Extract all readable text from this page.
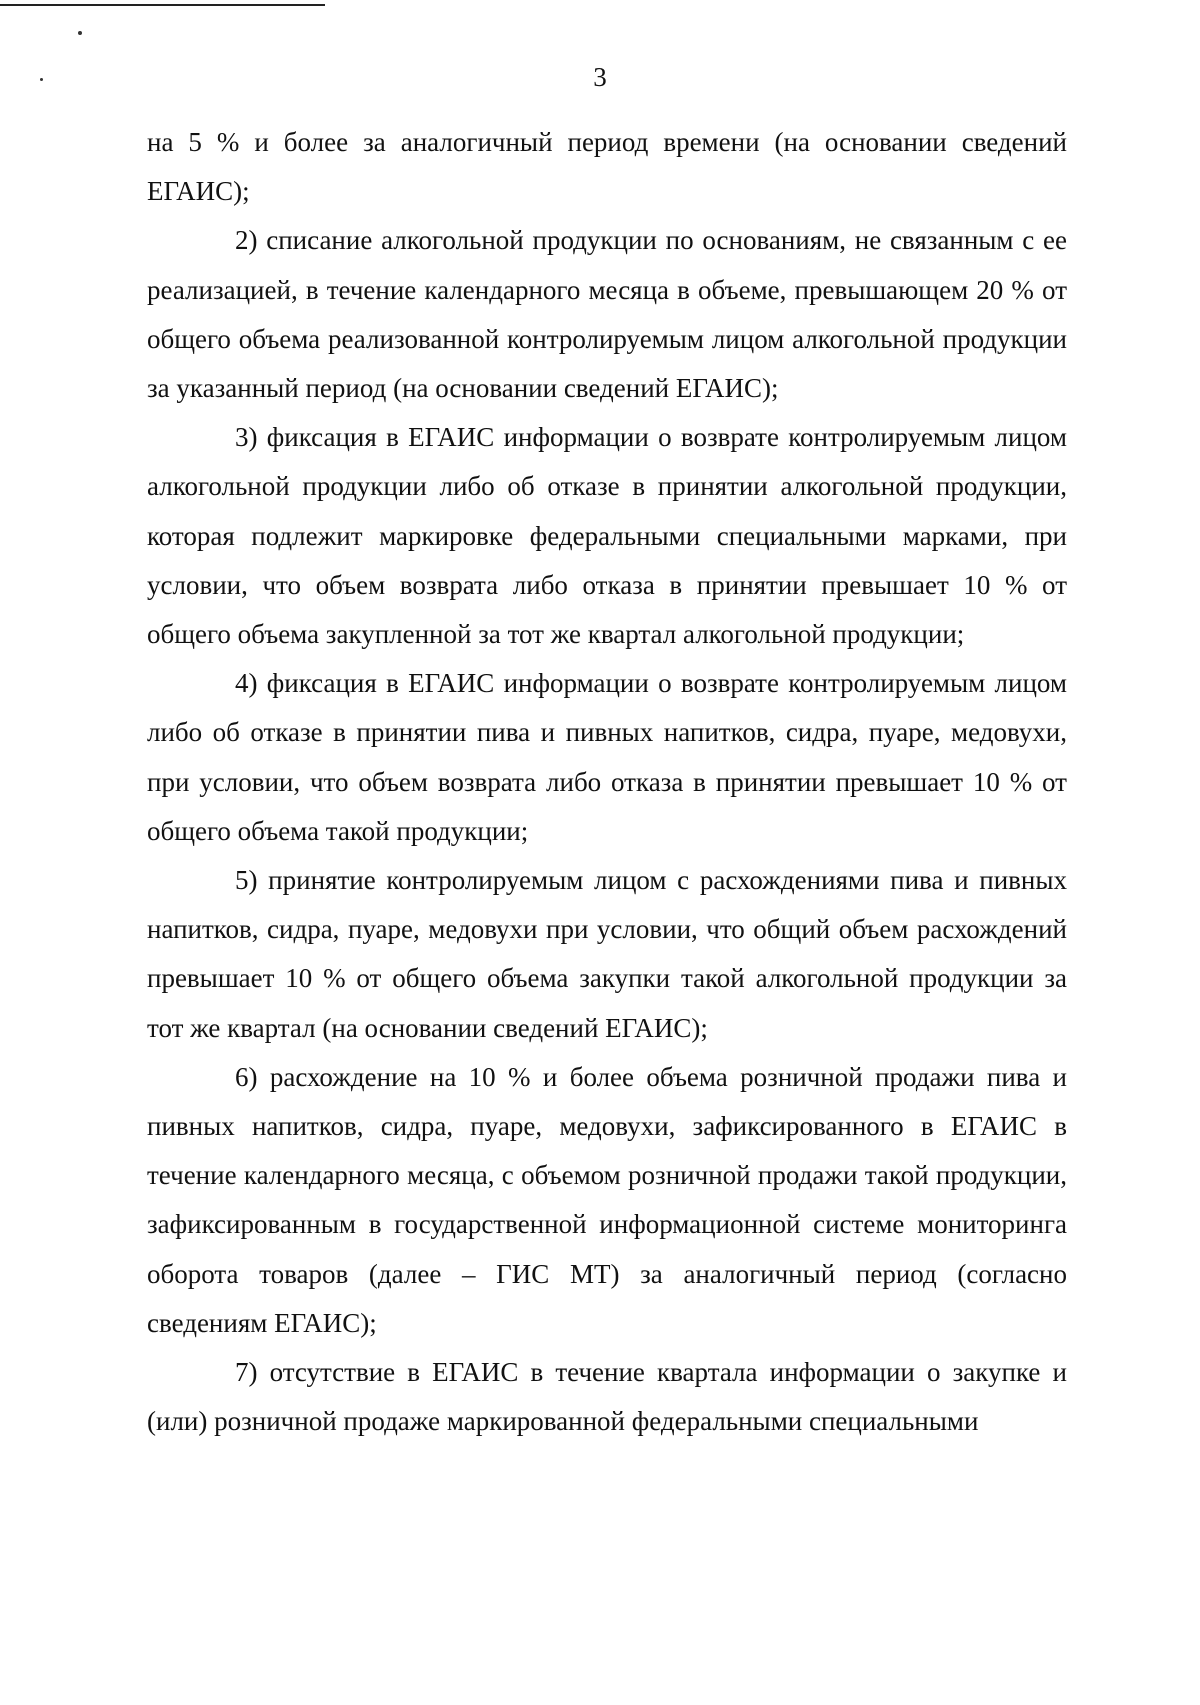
3

на 5 % и более за аналогичный период времени (на основании сведений ЕГАИС);

2) списание алкогольной продукции по основаниям, не связанным с ее реализацией, в течение календарного месяца в объеме, превышающем 20 % от общего объема реализованной контролируемым лицом алкогольной продукции за указанный период (на основании сведений ЕГАИС);

3) фиксация в ЕГАИС информации о возврате контролируемым лицом алкогольной продукции либо об отказе в принятии алкогольной продукции, которая подлежит маркировке федеральными специальными марками, при условии, что объем возврата либо отказа в принятии превышает 10 % от общего объема закупленной за тот же квартал алкогольной продукции;

4) фиксация в ЕГАИС информации о возврате контролируемым лицом либо об отказе в принятии пива и пивных напитков, сидра, пуаре, медовухи, при условии, что объем возврата либо отказа в принятии превышает 10 % от общего объема такой продукции;

5) принятие контролируемым лицом с расхождениями пива и пивных напитков, сидра, пуаре, медовухи при условии, что общий объем расхождений превышает 10 % от общего объема закупки такой алкогольной продукции за тот же квартал (на основании сведений ЕГАИС);

6) расхождение на 10 % и более объема розничной продажи пива и пивных напитков, сидра, пуаре, медовухи, зафиксированного в ЕГАИС в течение календарного месяца, с объемом розничной продажи такой продукции, зафиксированным в государственной информационной системе мониторинга оборота товаров (далее – ГИС МТ) за аналогичный период (согласно сведениям ЕГАИС);

7) отсутствие в ЕГАИС в течение квартала информации о закупке и (или) розничной продаже маркированной федеральными специальными
